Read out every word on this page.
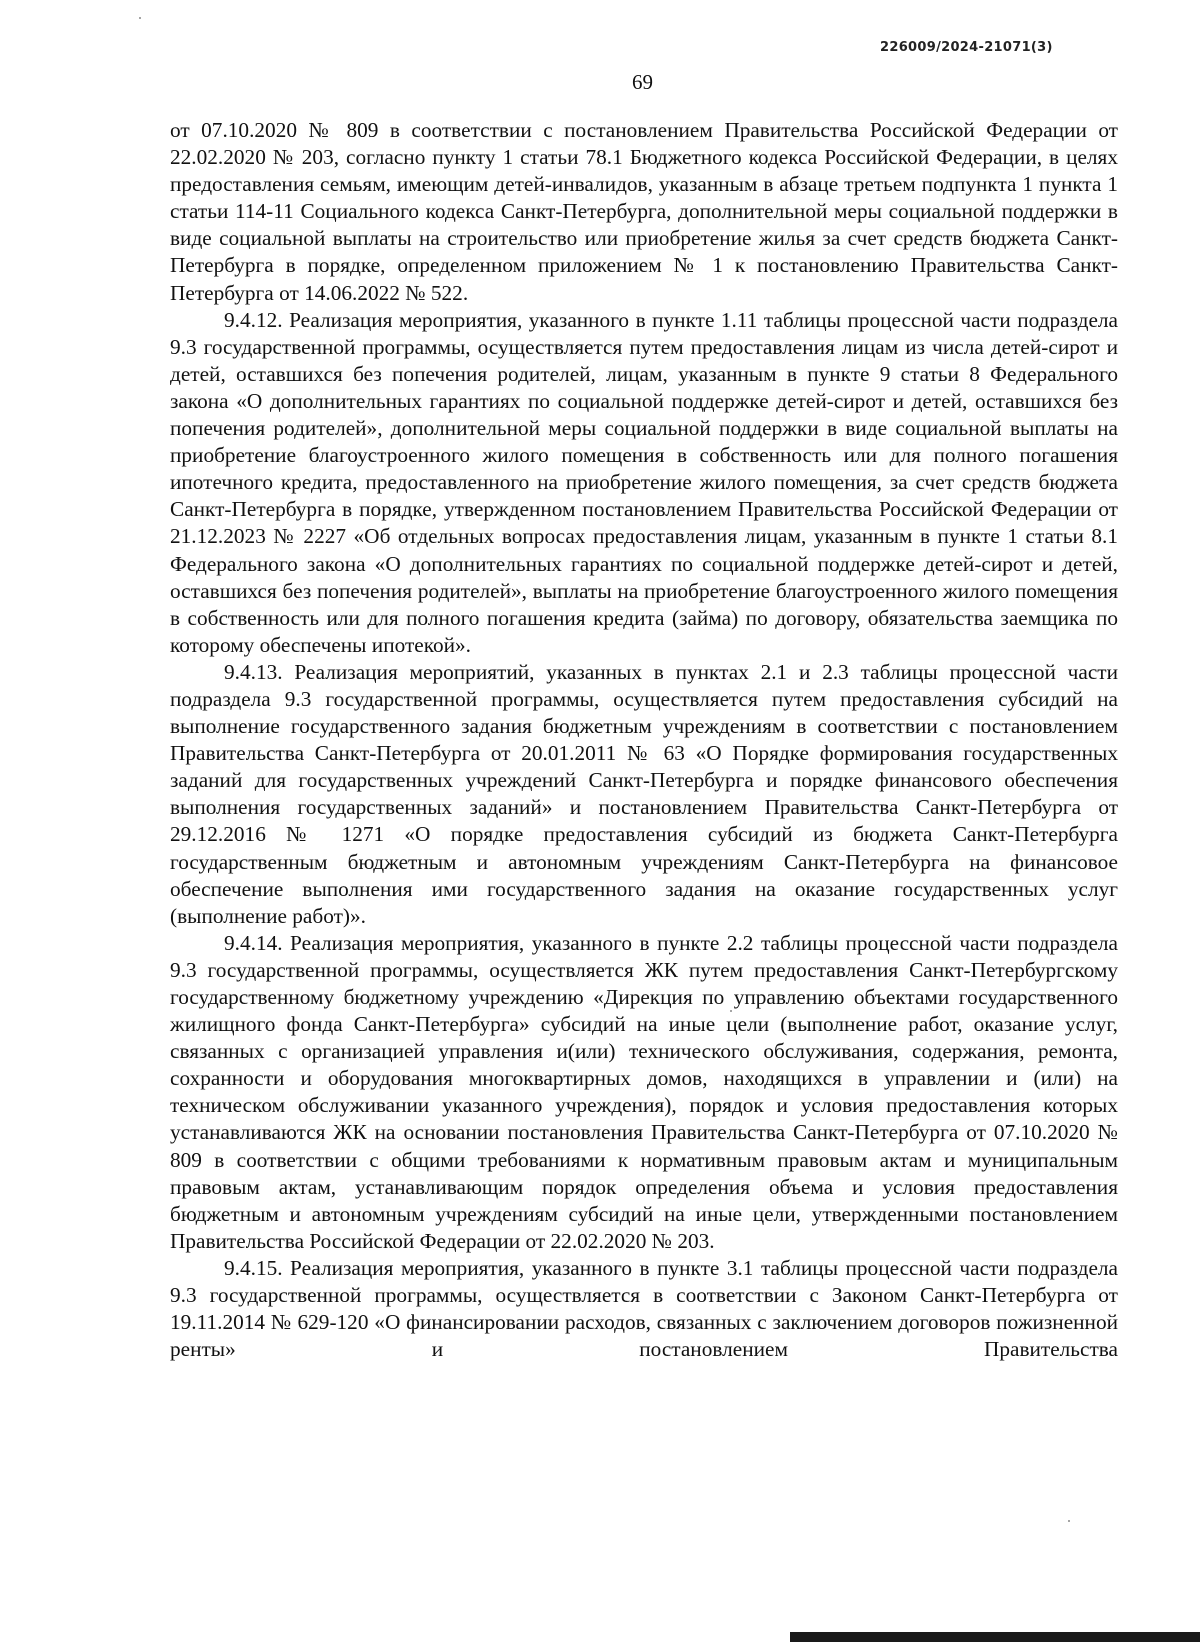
226009/2024-21071(3)
69

от 07.10.2020 № 809 в соответствии с постановлением Правительства Российской Федерации от 22.02.2020 № 203, согласно пункту 1 статьи 78.1 Бюджетного кодекса Российской Федерации, в целях предоставления семьям, имеющим детей-инвалидов, указанным в абзаце третьем подпункта 1 пункта 1 статьи 114-11 Социального кодекса Санкт-Петербурга, дополнительной меры социальной поддержки в виде социальной выплаты на строительство или приобретение жилья за счет средств бюджета Санкт-Петербурга в порядке, определенном приложением № 1 к постановлению Правительства Санкт-Петербурга от 14.06.2022 № 522.

9.4.12. Реализация мероприятия, указанного в пункте 1.11 таблицы процессной части подраздела 9.3 государственной программы, осуществляется путем предоставления лицам из числа детей-сирот и детей, оставшихся без попечения родителей, лицам, указанным в пункте 9 статьи 8 Федерального закона «О дополнительных гарантиях по социальной поддержке детей-сирот и детей, оставшихся без попечения родителей», дополнительной меры социальной поддержки в виде социальной выплаты на приобретение благоустроенного жилого помещения в собственность или для полного погашения ипотечного кредита, предоставленного на приобретение жилого помещения, за счет средств бюджета Санкт-Петербурга в порядке, утвержденном постановлением Правительства Российской Федерации от 21.12.2023 № 2227 «Об отдельных вопросах предоставления лицам, указанным в пункте 1 статьи 8.1 Федерального закона «О дополнительных гарантиях по социальной поддержке детей-сирот и детей, оставшихся без попечения родителей», выплаты на приобретение благоустроенного жилого помещения в собственность или для полного погашения кредита (займа) по договору, обязательства заемщика по которому обеспечены ипотекой».

9.4.13. Реализация мероприятий, указанных в пунктах 2.1 и 2.3 таблицы процессной части подраздела 9.3 государственной программы, осуществляется путем предоставления субсидий на выполнение государственного задания бюджетным учреждениям в соответствии с постановлением Правительства Санкт-Петербурга от 20.01.2011 № 63 «О Порядке формирования государственных заданий для государственных учреждений Санкт-Петербурга и порядке финансового обеспечения выполнения государственных заданий» и постановлением Правительства Санкт-Петербурга от 29.12.2016 № 1271 «О порядке предоставления субсидий из бюджета Санкт-Петербурга государственным бюджетным и автономным учреждениям Санкт-Петербурга на финансовое обеспечение выполнения ими государственного задания на оказание государственных услуг (выполнение работ)».

9.4.14. Реализация мероприятия, указанного в пункте 2.2 таблицы процессной части подраздела 9.3 государственной программы, осуществляется ЖК путем предоставления Санкт-Петербургскому государственному бюджетному учреждению «Дирекция по управлению объектами государственного жилищного фонда Санкт-Петербурга» субсидий на иные цели (выполнение работ, оказание услуг, связанных с организацией управления и(или) технического обслуживания, содержания, ремонта, сохранности и оборудования многоквартирных домов, находящихся в управлении и (или) на техническом обслуживании указанного учреждения), порядок и условия предоставления которых устанавливаются ЖК на основании постановления Правительства Санкт-Петербурга от 07.10.2020 № 809 в соответствии с общими требованиями к нормативным правовым актам и муниципальным правовым актам, устанавливающим порядок определения объема и условия предоставления бюджетным и автономным учреждениям субсидий на иные цели, утвержденными постановлением Правительства Российской Федерации от 22.02.2020 № 203.

9.4.15. Реализация мероприятия, указанного в пункте 3.1 таблицы процессной части подраздела 9.3 государственной программы, осуществляется в соответствии с Законом Санкт-Петербурга от 19.11.2014 № 629-120 «О финансировании расходов, связанных с заключением договоров пожизненной ренты» и постановлением Правительства
